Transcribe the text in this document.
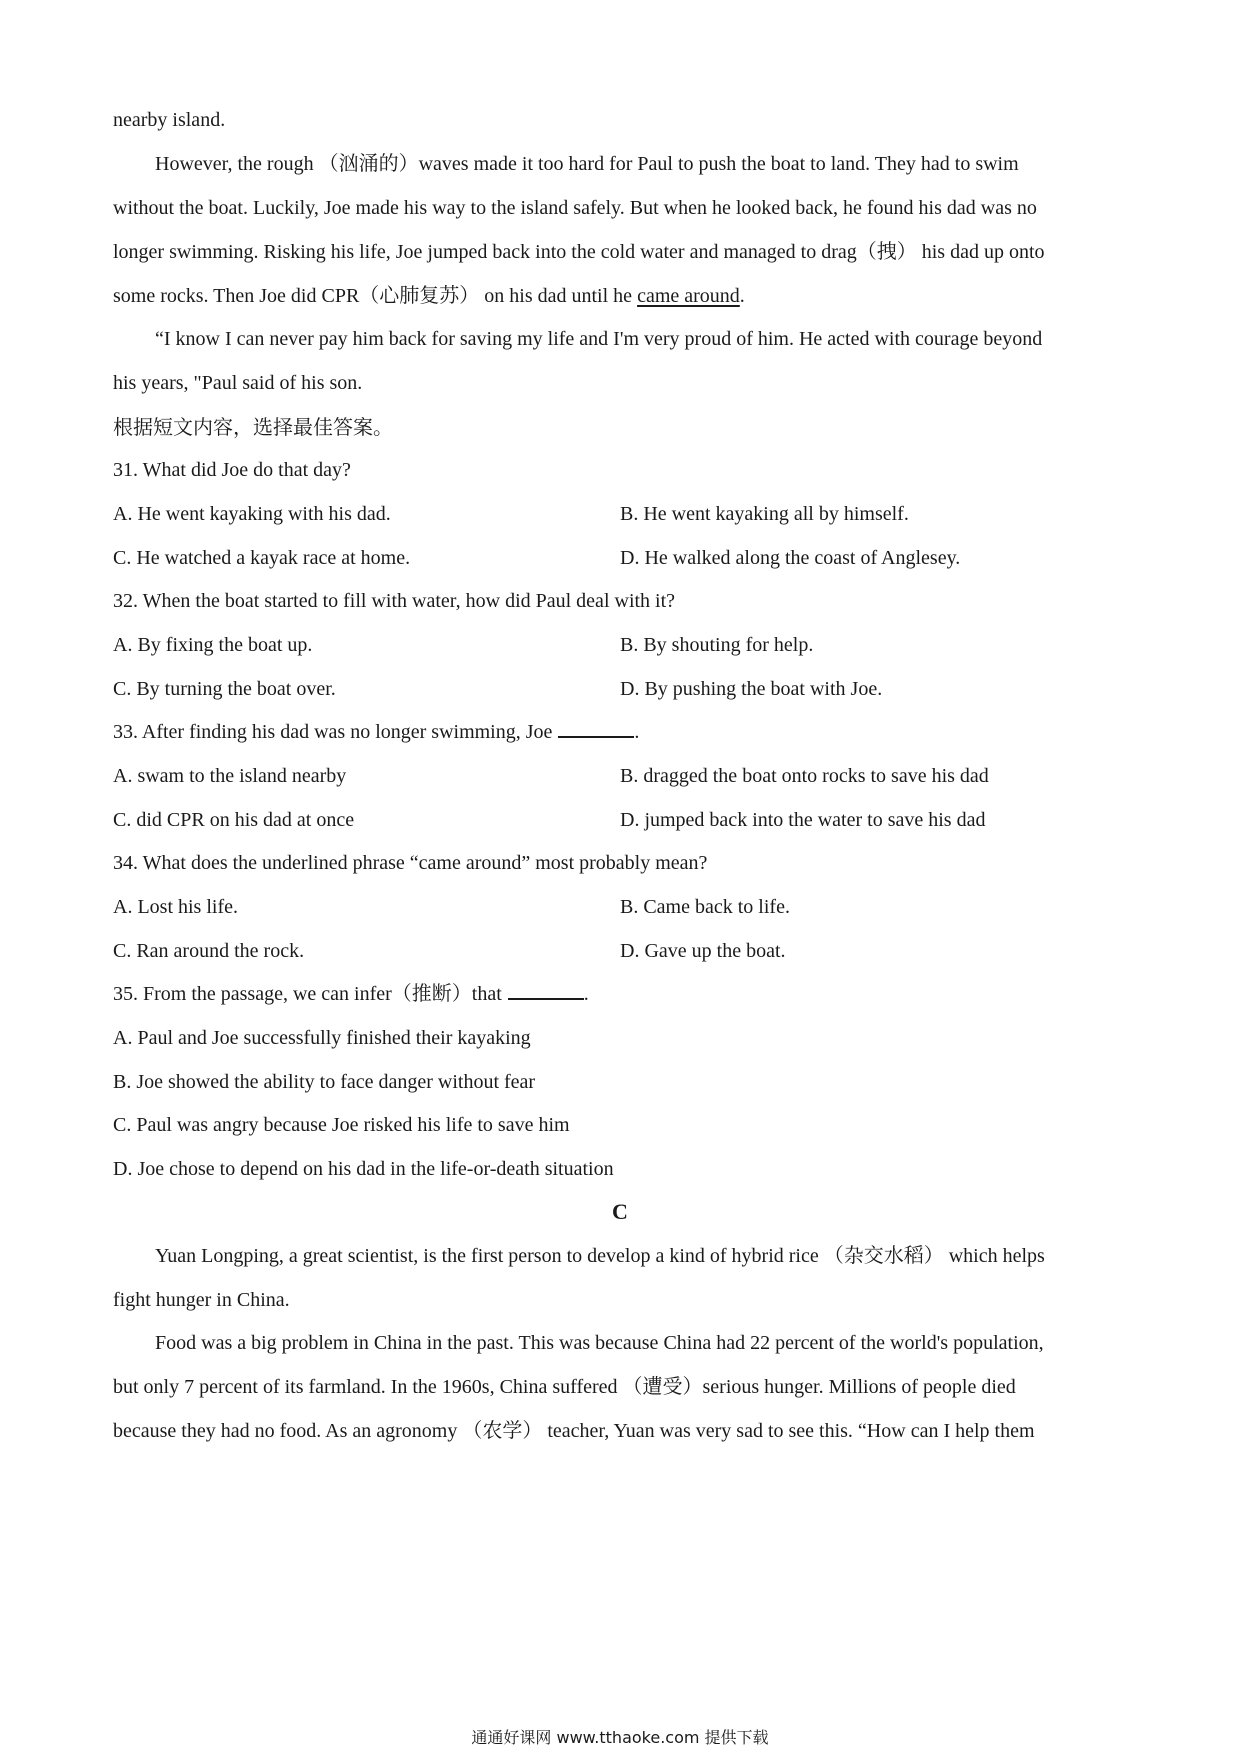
nearby island.
However, the rough （汹涌的）waves made it too hard for Paul to push the boat to land. They had to swim
without the boat. Luckily, Joe made his way to the island safely. But when he looked back, he found his dad was no
longer swimming. Risking his life, Joe jumped back into the cold water and managed to drag（拽） his dad up onto
some rocks. Then Joe did CPR（心肺复苏） on his dad until he came around.
“I know I can never pay him back for saving my life and I'm very proud of him. He acted with courage beyond
his years, "Paul said of his son.
根据短文内容，选择最佳答案。
31. What did Joe do that day?
A. He went kayaking with his dad.	B. He went kayaking all by himself.
C. He watched a kayak race at home.	D. He walked along the coast of Anglesey.
32. When the boat started to fill with water, how did Paul deal with it?
A. By fixing the boat up.	B. By shouting for help.
C. By turning the boat over.	D. By pushing the boat with Joe.
33. After finding his dad was no longer swimming, Joe	.
A. swam to the island nearby	B. dragged the boat onto rocks to save his dad
C. did CPR on his dad at once	D. jumped back into the water to save his dad
34. What does the underlined phrase “came around” most probably mean?
A. Lost his life.	B. Came back to life.
C. Ran around the rock.	D. Gave up the boat.
35. From the passage, we can infer（推断）that	.
A. Paul and Joe successfully finished their kayaking
B. Joe showed the ability to face danger without fear
C. Paul was angry because Joe risked his life to save him
D. Joe chose to depend on his dad in the life-or-death situation
C
Yuan Longping, a great scientist, is the first person to develop a kind of hybrid rice （杂交水稻） which helps
fight hunger in China.
Food was a big problem in China in the past. This was because China had 22 percent of the world's population,
but only 7 percent of its farmland. In the 1960s, China suffered （遭受）serious hunger. Millions of people died
because they had no food. As an agronomy （农学） teacher, Yuan was very sad to see this. “How can I help them
通通好课网 www.tthaoke.com 提供下载
